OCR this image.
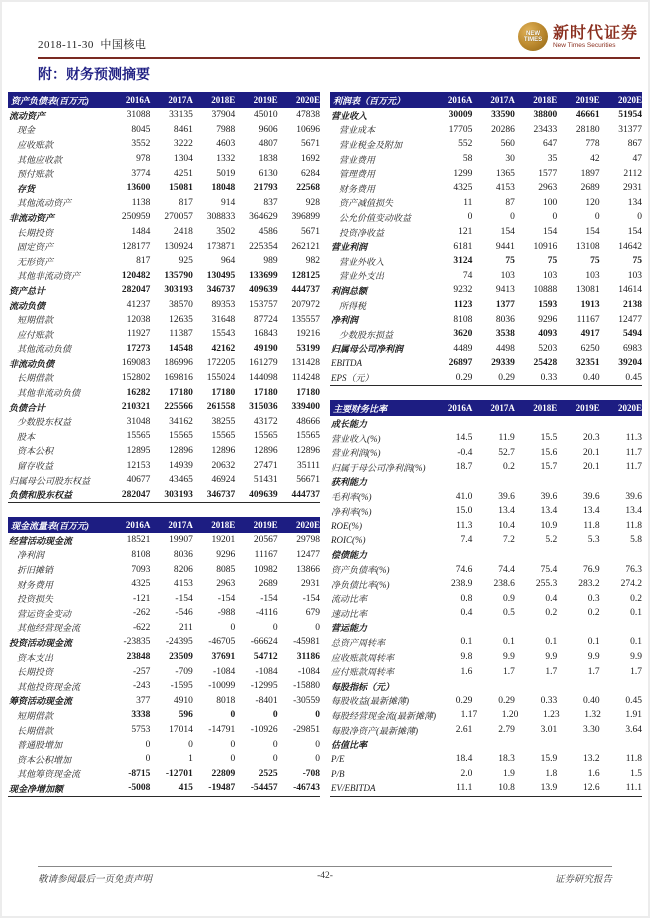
2018-11-30 中国核电
NEW
TIMES 新时代证券
New Times Securities
附：财务预测摘要
资产负债表(百万元)	2016A	2017A	2018E	2019E	2020E
流动资产	31088	33135	37904	45010	47838
现金	8045	8461	7988	9606	10696
应收账款	3552	3222	4603	4807	5671
其他应收款	978	1304	1332	1838	1692
预付账款	3774	4251	5019	6130	6284
存货	13600	15081	18048	21793	22568
其他流动资产	1138	817	914	837	928
非流动资产	250959	270057	308833	364629	396899
长期投资	1484	2418	3502	4586	5671
固定资产	128177	130924	173871	225354	262121
无形资产	817	925	964	989	982
其他非流动资产	120482	135790	130495	133699	128125
资产总计	282047	303193	346737	409639	444737
流动负债	41237	38570	89353	153757	207972
短期借款	12038	12635	31648	87724	135557
应付账款	11927	11387	15543	16843	19216
其他流动负债	17273	14548	42162	49190	53199
非流动负债	169083	186996	172205	161279	131428
长期借款	152802	169816	155024	144098	114248
其他非流动负债	16282	17180	17180	17180	17180
负债合计	210321	225566	261558	315036	339400
少数股东权益	31048	34162	38255	43172	48666
股本	15565	15565	15565	15565	15565
资本公积	12895	12896	12896	12896	12896
留存收益	12153	14939	20632	27471	35111
归属母公司股东权益	40677	43465	46924	51431	56671
负债和股东权益	282047	303193	346737	409639	444737
现金流量表(百万元)	2016A	2017A	2018E	2019E	2020E
经营活动现金流	18521	19907	19201	20567	29798
净利润	8108	8036	9296	11167	12477
折旧摊销	7093	8206	8085	10982	13866
财务费用	4325	4153	2963	2689	2931
投资损失	-121	-154	-154	-154	-154
营运资金变动	-262	-546	-988	-4116	679
其他经营现金流	-622	211	0	0	0
投资活动现金流	-23835	-24395	-46705	-66624	-45981
资本支出	23848	23509	37691	54712	31186
长期投资	-257	-709	-1084	-1084	-1084
其他投资现金流	-243	-1595	-10099	-12995	-15880
筹资活动现金流	377	4910	8018	-8401	-30559
短期借款	3338	596	0	0	0
长期借款	5753	17014	-14791	-10926	-29851
普通股增加	0	0	0	0	0
资本公积增加	0	1	0	0	0
其他筹资现金流	-8715	-12701	22809	2525	-708
现金净增加额	-5008	415	-19487	-54457	-46743
利润表（百万元）	2016A	2017A	2018E	2019E	2020E
营业收入	30009	33590	38800	46661	51954
营业成本	17705	20286	23433	28180	31377
营业税金及附加	552	560	647	778	867
营业费用	58	30	35	42	47
管理费用	1299	1365	1577	1897	2112
财务费用	4325	4153	2963	2689	2931
资产减值损失	11	87	100	120	134
公允价值变动收益	0	0	0	0	0
投资净收益	121	154	154	154	154
营业利润	6181	9441	10916	13108	14642
营业外收入	3124	75	75	75	75
营业外支出	74	103	103	103	103
利润总额	9232	9413	10888	13081	14614
所得税	1123	1377	1593	1913	2138
净利润	8108	8036	9296	11167	12477
少数股东损益	3620	3538	4093	4917	5494
归属母公司净利润	4489	4498	5203	6250	6983
EBITDA	26897	29339	25428	32351	39204
EPS（元）	0.29	0.29	0.33	0.40	0.45
主要财务比率	2016A	2017A	2018E	2019E	2020E
成长能力
营业收入(%)	14.5	11.9	15.5	20.3	11.3
营业利润(%)	-0.4	52.7	15.6	20.1	11.7
归属于母公司净利润(%)	18.7	0.2	15.7	20.1	11.7
获利能力
毛利率(%)	41.0	39.6	39.6	39.6	39.6
净利率(%)	15.0	13.4	13.4	13.4	13.4
ROE(%)	11.3	10.4	10.9	11.8	11.8
ROIC(%)	7.4	7.2	5.2	5.3	5.8
偿债能力
资产负债率(%)	74.6	74.4	75.4	76.9	76.3
净负债比率(%)	238.9	238.6	255.3	283.2	274.2
流动比率	0.8	0.9	0.4	0.3	0.2
速动比率	0.4	0.5	0.2	0.2	0.1
营运能力
总资产周转率	0.1	0.1	0.1	0.1	0.1
应收账款周转率	9.8	9.9	9.9	9.9	9.9
应付账款周转率	1.6	1.7	1.7	1.7	1.7
每股指标（元）
每股收益(最新摊薄)	0.29	0.29	0.33	0.40	0.45
每股经营现金流(最新摊薄)	1.17	1.20	1.23	1.32	1.91
每股净资产(最新摊薄)	2.61	2.79	3.01	3.30	3.64
估值比率
P/E	18.4	18.3	15.9	13.2	11.8
P/B	2.0	1.9	1.8	1.6	1.5
EV/EBITDA	11.1	10.8	13.9	12.6	11.1
敬请参阅最后一页免责声明	-42-	证券研究报告
